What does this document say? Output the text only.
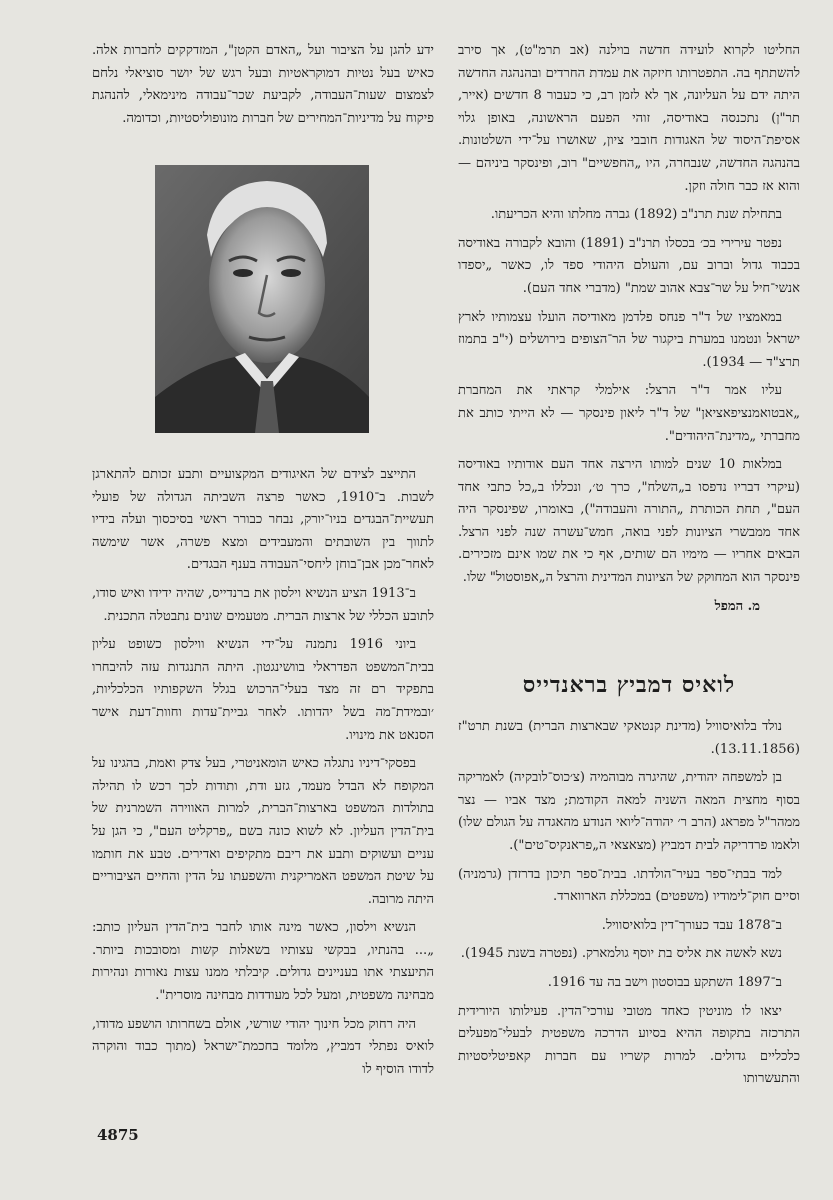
החליטו לקרוא לועידה חדשה בוילנה (אב תרמ"ט), אך סירב להשתתף בה. התפטרותו חיזקה את עמדת החרדים ובהנהגה החדשה היתה ידם על העליונה, אך לא לזמן רב, כי כעבור 8 חדשים (אייר, תר"ן) נתכנסה באודיסה, זוהי הפעם הראשונה, באופן גלוי אסיפת־היסוד של האגודות חובבי ציון, שאושרו על־ידי השלטונות. בהנהגה החדשה, שנבחרה, היו „החפשיים" רוב, ופינסקר ביניהם — והוא אז כבר חולה וזקן.

בתחילת שנת תרנ"ב (1892) גברה מחלתו והיא הכריעתו.

נפטר עירירי בכ׳ בכסלו תרנ"ב (1891) והובא לקבורה באודיסה בכבוד גדול וברוב עם, והעולם היהודי ספד לו, כאשר „יספדו אנשי־חיל על שר־צבא אהוב שמת" (מדברי אחד העם).

במאמציו של ד"ר פנחס פלדמן מאודיסה הועלו עצמותיו לארץ ישראל ונטמנו במערת ביקגור של הר־הצופים בירושלים (י"ב בתמוז תרצ"ד — 1934).

עליו אמר ד"ר הרצל: אילמלי קראתי את המחברת „אבטואמנציפאציאן" של ד"ר ליאון פינסקר — לא הייתי כותב את מחברתי „מדינת־היהודים".

במלאות 10 שנים למותו הירצה אחד העם אודותיו באודיסה (עיקרי דבריו נדפסו ב„השלח", כרך ט׳, ונכללו ב„כל כתבי אחד העם", תחת הכותרת „התורה והעבודה"), באומרו, שפינסקר היה אחד ממבשרי הציונות לפני בואה, חמש־עשרה שנה לפני הרצל. הבאים אחריו — מימיו הם שותים, אף כי את שמו אינם מזכירים. פינסקר הוא המחוקק של הציונות המדינית והרצל ה„אפוסטול" שלו.

מ. המפל
לואיס דמביץ בראנדייס

נולד בלואיסוויל (מדינת קנטאקי שבארצות הברית) בשנת תרט"ז (13.11.1856).

בן למשפחה יהודית, שהיגרה מבוהמיה (צ׳כוס־לובקיה) לאמריקה בסוף מחצית המאה השניה למאה הקודמת; מצד אביו — נצר ממהר"ל מפראג (הרב ר׳ יהודה־ליואי הנודע מהאגדה על הגולם שלו) ולאמו פרדריקה לבית דמביץ (מצאצאי ה„פראנקיס־טים").

למד בבתי־ספר בעיר־הולדתו. בבית־ספר תיכון בדרזדן (גרמניה) וסיים חוק־לימודיו (משפטים) במכללת הארווארד.

ב־1878 עבד כעורך־דין בלואיסוויל.

נשא לאשה את אליס בת יוסף גולמארק. (נפטרה בשנת 1945).

ב־1897 השתקע בבוסטון וישב בה עד 1916.

יצאו לו מוניטין כאחד מטובי עורכי־הדין. פעילותו היורידית התרכזה בתקופה ההיא בסיוע הדרכה משפטית לבעלי־מפעלים כלכליים גדולים. למרות קשריו עם חברות קאפיטליסטיות והתעשרותו

ידע להגן על הציבור ועל „האדם הקטן", המזדקקים לחברות אלה. כאיש בעל נטיות דמוקראטיות ובעל רגש של יושר סוציאלי נלחם לצמצום שעות־העבודה, לקביעת שכר־עבודה מינימאלי, להנהגת פיקוח על מדיניות־המחירים של חברות מונופוליסטיות, וכדומה.

התייצב לצידם של האיגודים המקצועיים ותבע זכותם להתארגן לשבות. ב־1910, כאשר פרצה השביתה הגדולה של פועלי תעשיית־הבגדים בניו־יורק, נבחר כבורר ראשי בסיכסוך ועלה בידיו לתווך בין השובתים והמעבידים ומצא פשרה, אשר שימשה לאחר־מכן אבן־בוחן ליחסי־העבודה בענף הבגדים.

ב־1913 הציע הנשיא וילסון את ברנדייס, שהיה ידידו ואיש סודו, לתובע הכללי של ארצות הברית. מטעמים שונים נתבטלה התכנית.

ביוני 1916 נתמנה על־ידי הנשיא ווילסון כשופט עליון בבית־המשפט הפדראלי בוושינגטון. היתה התנגדות עזה להיבחרו בתפקיד רם זה מצד בעלי־הרכוש בגלל השקפותיו הכלכליות, ׳ובמידת־מה בשל יהדותו. לאחר גביית־עדות וחוות־דעת אישר הסנאט את מינויו.

בפסקי־דיניו נתגלה כאיש הומאניטרי, בעל צדק ואמת, בהגינו על המקופח לא הבדל מעמד, גזע ודת, ותודות לכך רכש לו תהילה בתולדות המשפט בארצות־הברית, למרות האווירה השמרנית של בית־הדין העליון. לא לשוא כונה בשם „פרקליט העם", כי הגן על עניים ועשוקים ותבע את ריבם מתקיפים ואדירים. טבע את חותמו על שיטת המשפט האמריקנית והשפעתו על הדין והחיים הציבוריים היתה מרובה.

הנשיא וילסון, כאשר מינה אותו לחבר בית־הדין העליון כותב: „... בהנתיו, בבקשי עצותיו בשאלות קשות ומסובכות ביותר. התיעצתי אתו בעניינים גדולים. קיבלתי ממנו עצות נאורות ונהירות מבחינה משפטית, ומעל לכל מעודדות מבחינה מוסרית".

היה רחוק מכל חינוך יהודי שורשי, אולם בשחרותו הושפע מדודו, לואיס נפתלי דמביץ, מלומד בחכמת־ישראל (מתוך כבוד והוקרה לדודו הוסיף לו

4875
